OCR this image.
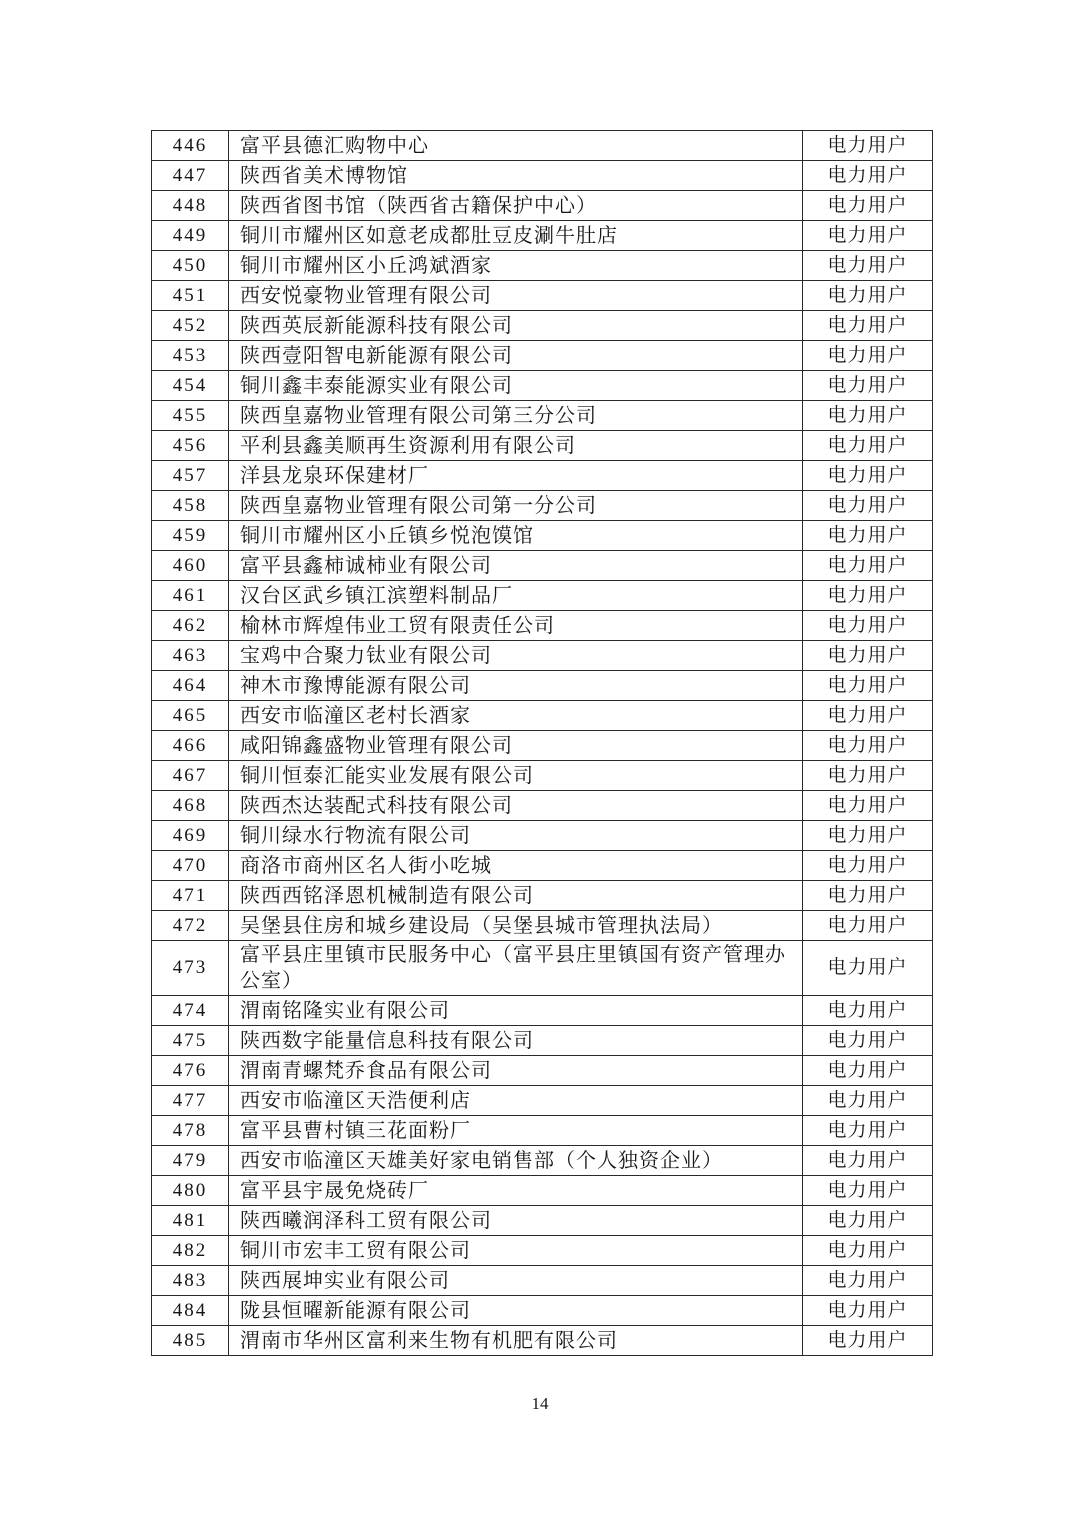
446	富平县德汇购物中心	电力用户
447	陕西省美术博物馆	电力用户
448	陕西省图书馆（陕西省古籍保护中心）	电力用户
449	铜川市耀州区如意老成都肚豆皮涮牛肚店	电力用户
450	铜川市耀州区小丘鸿斌酒家	电力用户
451	西安悦豪物业管理有限公司	电力用户
452	陕西英辰新能源科技有限公司	电力用户
453	陕西壹阳智电新能源有限公司	电力用户
454	铜川鑫丰泰能源实业有限公司	电力用户
455	陕西皇嘉物业管理有限公司第三分公司	电力用户
456	平利县鑫美顺再生资源利用有限公司	电力用户
457	洋县龙泉环保建材厂	电力用户
458	陕西皇嘉物业管理有限公司第一分公司	电力用户
459	铜川市耀州区小丘镇乡悦泡馍馆	电力用户
460	富平县鑫柿诚柿业有限公司	电力用户
461	汉台区武乡镇江滨塑料制品厂	电力用户
462	榆林市辉煌伟业工贸有限责任公司	电力用户
463	宝鸡中合聚力钛业有限公司	电力用户
464	神木市豫博能源有限公司	电力用户
465	西安市临潼区老村长酒家	电力用户
466	咸阳锦鑫盛物业管理有限公司	电力用户
467	铜川恒泰汇能实业发展有限公司	电力用户
468	陕西杰达装配式科技有限公司	电力用户
469	铜川绿水行物流有限公司	电力用户
470	商洛市商州区名人街小吃城	电力用户
471	陕西西铭泽恩机械制造有限公司	电力用户
472	吴堡县住房和城乡建设局（吴堡县城市管理执法局）	电力用户
473	富平县庄里镇市民服务中心（富平县庄里镇国有资产管理办公室）	电力用户
474	渭南铭隆实业有限公司	电力用户
475	陕西数字能量信息科技有限公司	电力用户
476	渭南青螺梵乔食品有限公司	电力用户
477	西安市临潼区天浩便利店	电力用户
478	富平县曹村镇三花面粉厂	电力用户
479	西安市临潼区天雄美好家电销售部（个人独资企业）	电力用户
480	富平县宇晟免烧砖厂	电力用户
481	陕西曦润泽科工贸有限公司	电力用户
482	铜川市宏丰工贸有限公司	电力用户
483	陕西展坤实业有限公司	电力用户
484	陇县恒曜新能源有限公司	电力用户
485	渭南市华州区富利来生物有机肥有限公司	电力用户
14
